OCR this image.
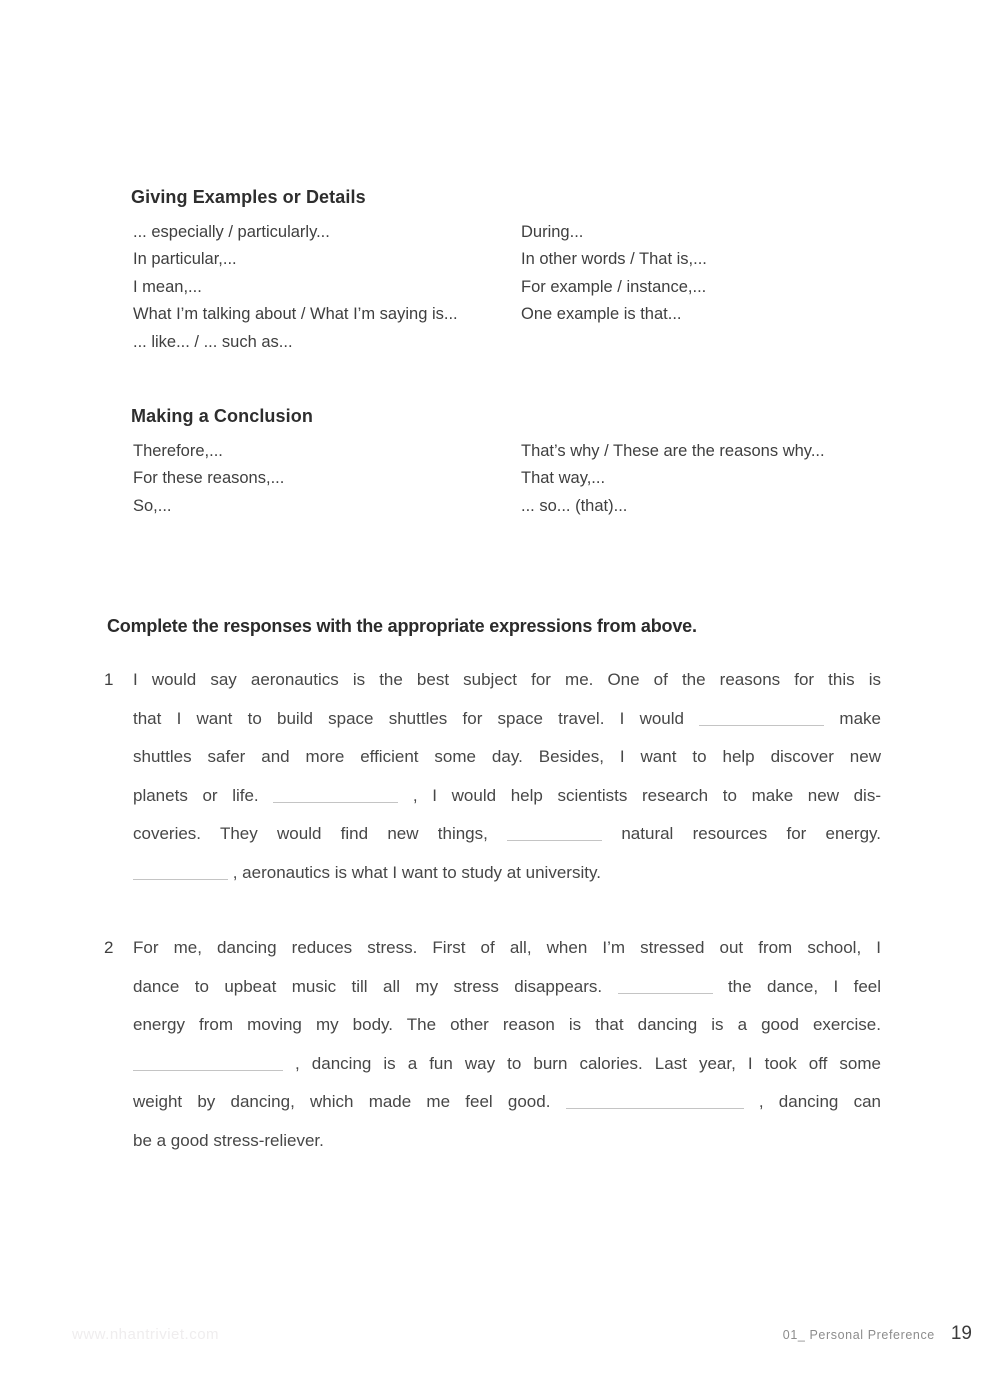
Giving Examples or Details
... especially / particularly...
In particular,...
I mean,...
What I’m talking about / What I’m saying is...
... like... / ... such as...
During...
In other words / That is,...
For example / instance,...
One example is that...
Making a Conclusion
Therefore,...
For these reasons,...
So,...
That’s why / These are the reasons why...
That way,...
... so... (that)...
Complete the responses with the appropriate expressions from above.
1	I would say aeronautics is the best subject for me. One of the reasons for this is
that I want to build space shuttles for space travel. I would	make
shuttles safer and more efficient some day. Besides, I want to help discover new
planets or life.	, I would help scientists research to make new dis-
coveries. They would find new things,	natural resources for energy.
, aeronautics is what I want to study at university.
2	For me, dancing reduces stress. First of all, when I’m stressed out from school, I
dance to upbeat music till all my stress disappears.	the dance, I feel
energy from moving my body. The other reason is that dancing is a good exercise.
, dancing is a fun way to burn calories. Last year, I took off some
weight by dancing, which made me feel good.	, dancing can
be a good stress-reliever.
www.nhantriviet.com	01_ Personal Preference 19
